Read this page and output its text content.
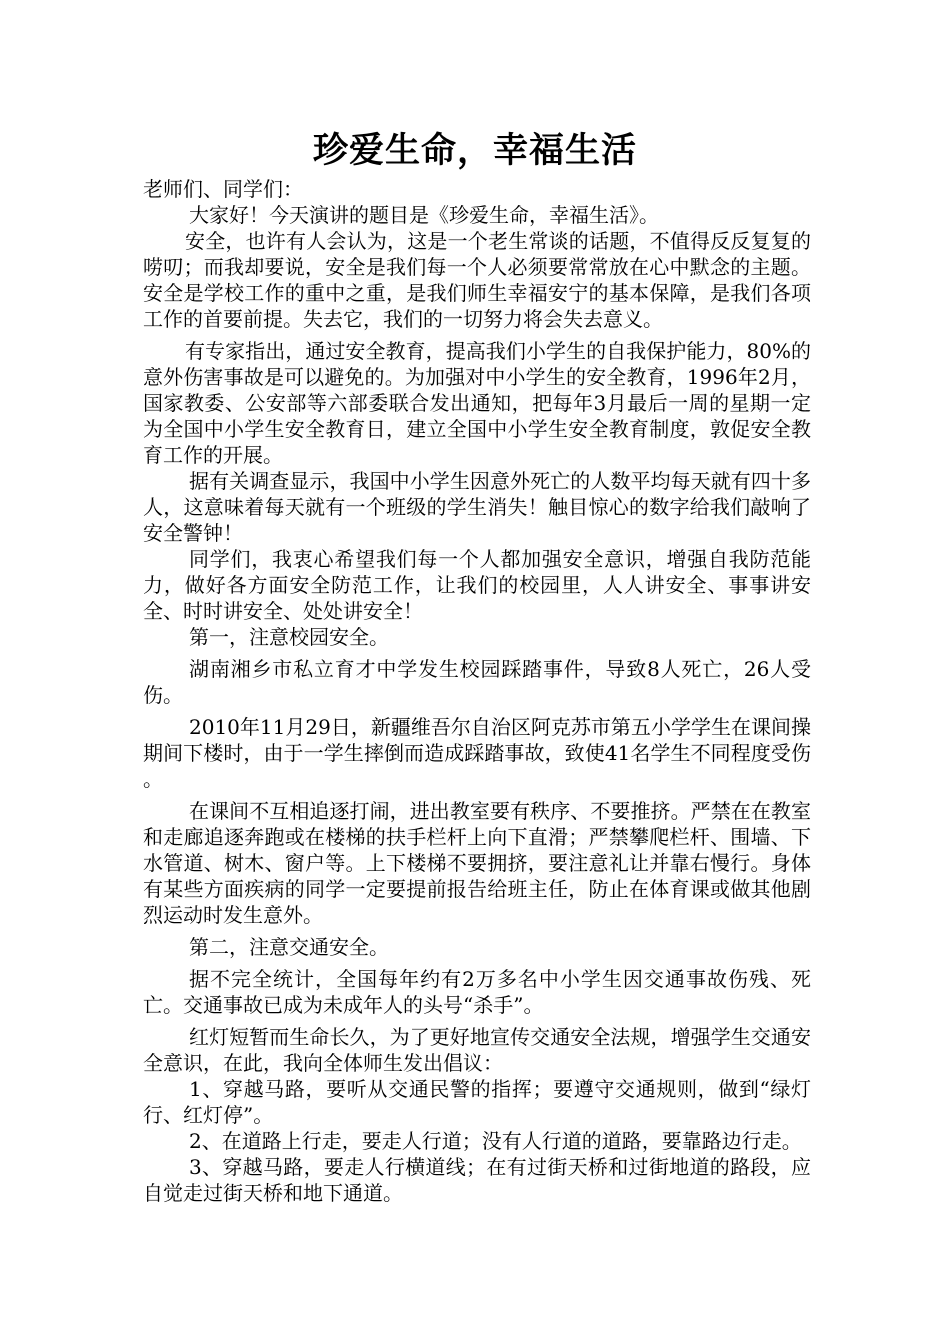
珍爱生命，幸福生活

老师们、同学们：

大家好！今天演讲的题目是《珍爱生命，幸福生活》。

安全，也许有人会认为，这是一个老生常谈的话题，不值得反反复复的唠叨；而我却要说，安全是我们每一个人必须要常常放在心中默念的主题。安全是学校工作的重中之重，是我们师生幸福安宁的基本保障，是我们各项工作的首要前提。失去它，我们的一切努力将会失去意义。

有专家指出，通过安全教育，提高我们小学生的自我保护能力，80%的意外伤害事故是可以避免的。为加强对中小学生的安全教育，1996年2月，国家教委、公安部等六部委联合发出通知，把每年3月最后一周的星期一定为全国中小学生安全教育日，建立全国中小学生安全教育制度，敦促安全教育工作的开展。

据有关调查显示，我国中小学生因意外死亡的人数平均每天就有四十多人，这意味着每天就有一个班级的学生消失！触目惊心的数字给我们敲响了安全警钟！

同学们，我衷心希望我们每一个人都加强安全意识，增强自我防范能力，做好各方面安全防范工作，让我们的校园里，人人讲安全、事事讲安全、时时讲安全、处处讲安全！

第一，注意校园安全。

湖南湘乡市私立育才中学发生校园踩踏事件，导致8人死亡，26人受伤。

2010年11月29日，新疆维吾尔自治区阿克苏市第五小学学生在课间操期间下楼时，由于一学生摔倒而造成踩踏事故，致使41名学生不同程度受伤 。

在课间不互相追逐打闹，进出教室要有秩序、不要推挤。严禁在在教室和走廊追逐奔跑或在楼梯的扶手栏杆上向下直滑；严禁攀爬栏杆、围墙、下水管道、树木、窗户等。上下楼梯不要拥挤，要注意礼让并靠右慢行。身体有某些方面疾病的同学一定要提前报告给班主任，防止在体育课或做其他剧烈运动时发生意外。

第二，注意交通安全。

据不完全统计，全国每年约有2万多名中小学生因交通事故伤残、死亡。交通事故已成为未成年人的头号“杀手”。

红灯短暂而生命长久，为了更好地宣传交通安全法规，增强学生交通安全意识，在此，我向全体师生发出倡议：

1、穿越马路，要听从交通民警的指挥；要遵守交通规则，做到“绿灯行、红灯停”。

2、在道路上行走，要走人行道；没有人行道的道路，要靠路边行走。

3、穿越马路，要走人行横道线；在有过街天桥和过街地道的路段，应自觉走过街天桥和地下通道。
